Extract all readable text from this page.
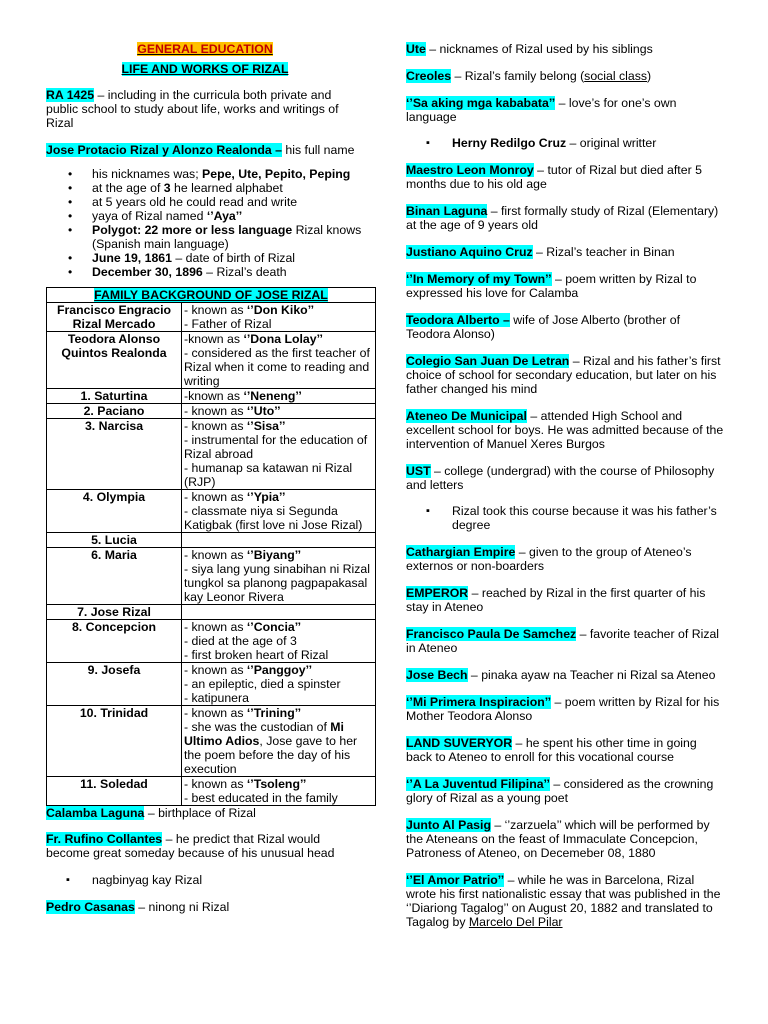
GENERAL EDUCATION

LIFE AND WORKS OF RIZAL

RA 1425 – including in the curricula both private and public school to study about life, works and writings of Rizal

Jose Protacio Rizal y Alonzo Realonda – his full name

• his nicknames was; Pepe, Ute, Pepito, Peping
• at the age of 3 he learned alphabet
• at 5 years old he could read and write
• yaya of Rizal named ‘’Aya’’
• Polygot: 22 more or less language Rizal knows (Spanish main language)
• June 19, 1861 – date of birth of Rizal
• December 30, 1896 – Rizal’s death
FAMILY BACKGROUND OF JOSE RIZAL	
Francisco Engracio Rizal Mercado	- known as ‘’Don Kiko’’
- Father of Rizal

Teodora Alonso Quintos Realonda	-known as ‘’Dona Lolay’’
- considered as the first teacher of Rizal when it come to reading and writing

1. Saturtina	-known as ‘’Neneng’’

2. Paciano	- known as ‘’Uto’’

3. Narcisa	- known as ‘’Sisa’’
- instrumental for the education of Rizal abroad
- humanap sa katawan ni Rizal (RJP)

4. Olympia	- known as ‘’Ypia’’
- classmate niya si Segunda Katigbak (first love ni Jose Rizal)

5. Lucia	
6. Maria	- known as ‘’Biyang’’
- siya lang yung sinabihan ni Rizal tungkol sa planong pagpapakasal kay Leonor Rivera

7. Jose Rizal	
8. Concepcion	- known as ‘’Concia’’
- died at the age of 3
- first broken heart of Rizal

9. Josefa	- known as ‘’Panggoy’’
- an epileptic, died a spinster
- katipunera

10. Trinidad	- known as ‘’Trining’’
- she was the custodian of Mi Ultimo Adios, Jose gave to her the poem before the day of his execution

11. Soledad	- known as ‘’Tsoleng’’
- best educated in the family

Calamba Laguna – birthplace of Rizal

Fr. Rufino Collantes – he predict that Rizal would become great someday because of his unusual head

▪ nagbinyag kay Rizal

Pedro Casanas – ninong ni Rizal

Ute – nicknames of Rizal used by his siblings

Creoles – Rizal’s family belong (social class)

‘’Sa aking mga kababata’’ – love’s for one’s own language

▪ Herny Redilgo Cruz – original writter

Maestro Leon Monroy – tutor of Rizal but died after 5 months due to his old age

Binan Laguna – first formally study of Rizal (Elementary) at the age of 9 years old

Justiano Aquino Cruz – Rizal’s teacher in Binan

‘’In Memory of my Town’’ – poem written by Rizal to expressed his love for Calamba

Teodora Alberto – wife of Jose Alberto (brother of Teodora Alonso)

Colegio San Juan De Letran – Rizal and his father’s first choice of school for secondary education, but later on his father changed his mind

Ateneo De Municipal – attended High School and excellent school for boys. He was admitted because of the intervention of Manuel Xeres Burgos

UST – college (undergrad) with the course of Philosophy and letters

▪ Rizal took this course because it was his father’s degree

Cathargian Empire – given to the group of Ateneo’s externos or non-boarders

EMPEROR – reached by Rizal in the first quarter of his stay in Ateneo

Francisco Paula De Samchez – favorite teacher of Rizal in Ateneo

Jose Bech – pinaka ayaw na Teacher ni Rizal sa Ateneo

‘’Mi Primera Inspiracion’’ – poem written by Rizal for his Mother Teodora Alonso

LAND SUVERYOR – he spent his other time in going back to Ateneo to enroll for this vocational course

‘’A La Juventud Filipina’’ – considered as the crowning glory of Rizal as a young poet

Junto Al Pasig – ‘’zarzuela’’ which will be performed by the Ateneans on the feast of Immaculate Concepcion, Patroness of Ateneo, on Decemeber 08, 1880

‘’El Amor Patrio’’ – while he was in Barcelona, Rizal wrote his first nationalistic essay that was published in the ‘’Diariong Tagalog’’ on August 20, 1882 and translated to Tagalog by Marcelo Del Pilar
